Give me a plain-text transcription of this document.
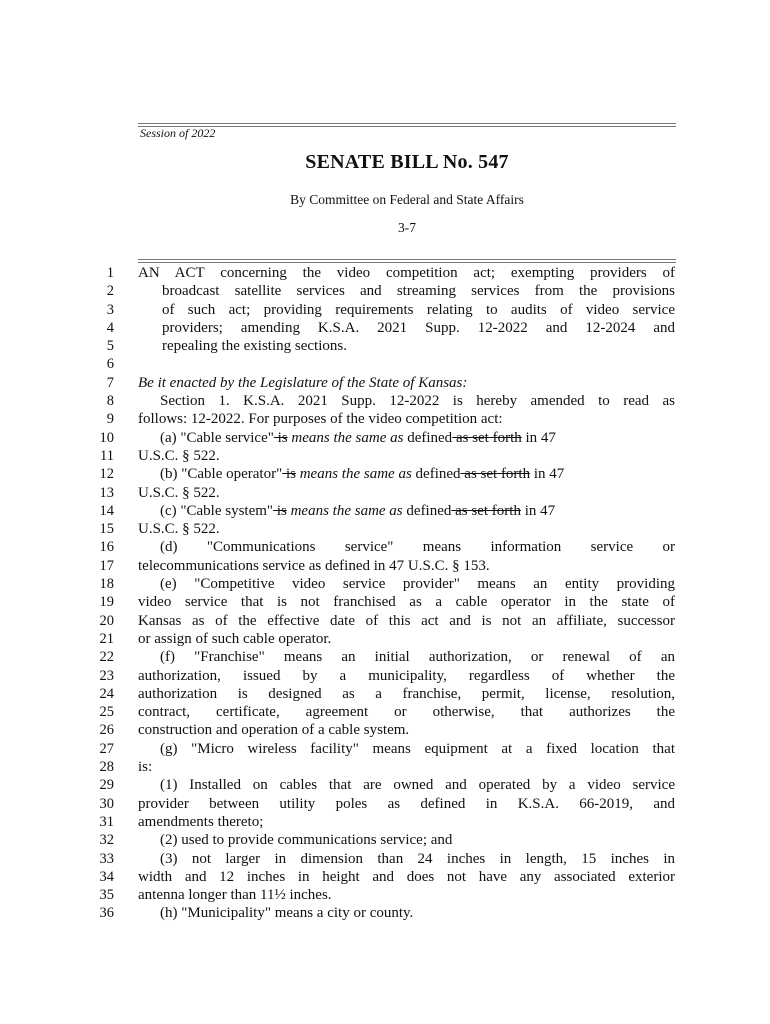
Session of 2022
SENATE BILL No. 547
By Committee on Federal and State Affairs
3-7
1 AN ACT concerning the video competition act; exempting providers of
2	broadcast satellite services and streaming services from the provisions
3	of such act; providing requirements relating to audits of video service
4	providers; amending K.S.A. 2021 Supp. 12-2022 and 12-2024 and
5	repealing the existing sections.
6
7 Be it enacted by the Legislature of the State of Kansas:
8	Section 1. K.S.A. 2021 Supp. 12-2022 is hereby amended to read as
9 follows: 12-2022. For purposes of the video competition act:
10	(a) "Cable service" is means the same as defined as set forth in 47
11 U.S.C. § 522.
12	(b) "Cable operator" is means the same as defined as set forth in 47
13 U.S.C. § 522.
14	(c) "Cable system" is means the same as defined as set forth in 47
15 U.S.C. § 522.
16	(d)   "Communications   service"   means   information   service   or
17 telecommunications service as defined in 47 U.S.C. § 153.
18	(e) "Competitive video service provider" means an entity providing
19 video service that is not franchised as a cable operator in the state of
20 Kansas as of the effective date of this act and is not an affiliate, successor
21 or assign of such cable operator.
22	(f) "Franchise" means an initial authorization, or renewal of an
23 authorization, issued by a municipality, regardless of whether the
24 authorization is designed as a franchise, permit, license, resolution,
25 contract, certificate, agreement or otherwise, that authorizes the
26 construction and operation of a cable system.
27	(g) "Micro wireless facility" means equipment at a fixed location that
28 is:
29	(1) Installed on cables that are owned and operated by a video service
30 provider between utility poles as defined in K.S.A. 66-2019, and
31 amendments thereto;
32	(2) used to provide communications service; and
33	(3) not larger in dimension than 24 inches in length, 15 inches in
34 width and 12 inches in height and does not have any associated exterior
35 antenna longer than 11½ inches.
36	(h) "Municipality" means a city or county.
